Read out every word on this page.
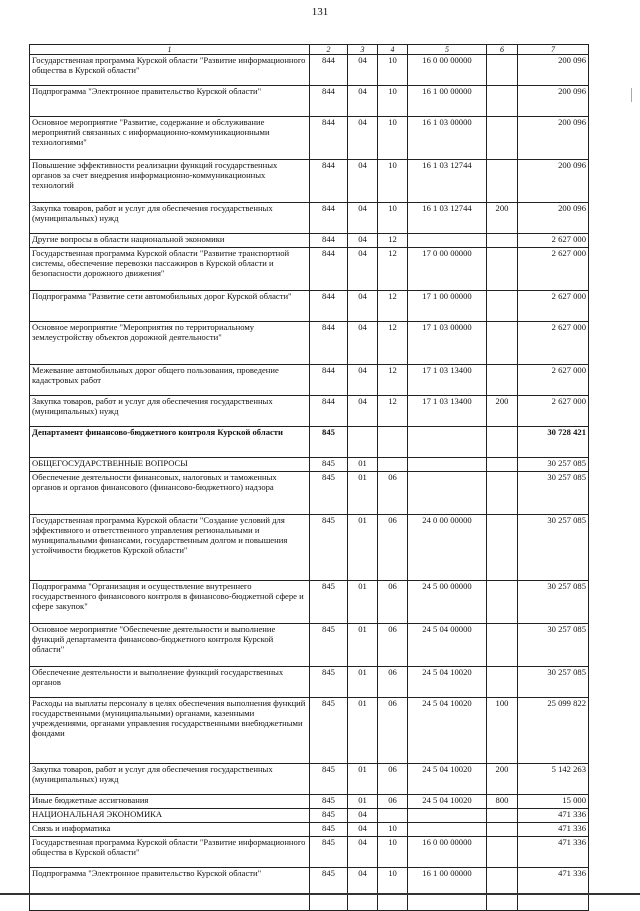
131
1	2	3	4	5	6	7
Государственная программа Курской области "Развитие информационного общества в Курской области"	844	04	10	16 0 00 00000		200 096
Подпрограмма "Электронное правительство Курской области"	844	04	10	16 1 00 00000		200 096
Основное мероприятие "Развитие, содержание и обслуживание мероприятий связанных с информационно-коммуникационными технологиями"	844	04	10	16 1 03 00000		200 096
Повышение эффективности реализации функций государственных органов за счет внедрения информационно-коммуникационных технологий	844	04	10	16 1 03 12744		200 096
Закупка товаров, работ и услуг для обеспечения государственных (муниципальных) нужд	844	04	10	16 1 03 12744	200	200 096
Другие вопросы в области национальной экономики	844	04	12			2 627 000
Государственная программа Курской области "Развитие транспортной системы, обеспечение перевозки пассажиров в Курской области и безопасности дорожного движения"	844	04	12	17 0 00 00000		2 627 000
Подпрограмма "Развитие сети автомобильных дорог Курской области"	844	04	12	17 1 00 00000		2 627 000
Основное мероприятие "Мероприятия по территориальному землеустройству объектов дорожной деятельности"	844	04	12	17 1 03 00000		2 627 000
Межевание автомобильных дорог общего пользования, проведение кадастровых работ	844	04	12	17 1 03 13400		2 627 000
Закупка товаров, работ и услуг для обеспечения государственных (муниципальных) нужд	844	04	12	17 1 03 13400	200	2 627 000
Департамент финансово-бюджетного контроля Курской области	845					30 728 421
ОБЩЕГОСУДАРСТВЕННЫЕ ВОПРОСЫ	845	01				30 257 085
Обеспечение деятельности финансовых, налоговых и таможенных органов и органов финансового (финансово-бюджетного) надзора	845	01	06			30 257 085
Государственная программа Курской области "Создание условий для эффективного и ответственного управления региональными и муниципальными финансами, государственным долгом и повышения устойчивости бюджетов Курской области"	845	01	06	24 0 00 00000		30 257 085
Подпрограмма "Организация и осуществление внутреннего государственного финансового контроля в финансово-бюджетной сфере и сфере закупок"	845	01	06	24 5 00 00000		30 257 085
Основное мероприятие "Обеспечение деятельности и выполнение функций департамента финансово-бюджетного контроля Курской области"	845	01	06	24 5 04 00000		30 257 085
Обеспечение деятельности и выполнение функций государственных органов	845	01	06	24 5 04 10020		30 257 085
Расходы на выплаты персоналу в целях обеспечения выполнения функций государственными (муниципальными) органами, казенными учреждениями, органами управления государственными внебюджетными фондами	845	01	06	24 5 04 10020	100	25 099 822
Закупка товаров, работ и услуг для обеспечения государственных (муниципальных) нужд	845	01	06	24 5 04 10020	200	5 142 263
Иные бюджетные ассигнования	845	01	06	24 5 04 10020	800	15 000
НАЦИОНАЛЬНАЯ ЭКОНОМИКА	845	04				471 336
Связь и информатика	845	04	10			471 336
Государственная программа Курской области "Развитие информационного общества в Курской области"	845	04	10	16 0 00 00000		471 336
Подпрограмма "Электронное правительство Курской области"	845	04	10	16 1 00 00000		471 336
